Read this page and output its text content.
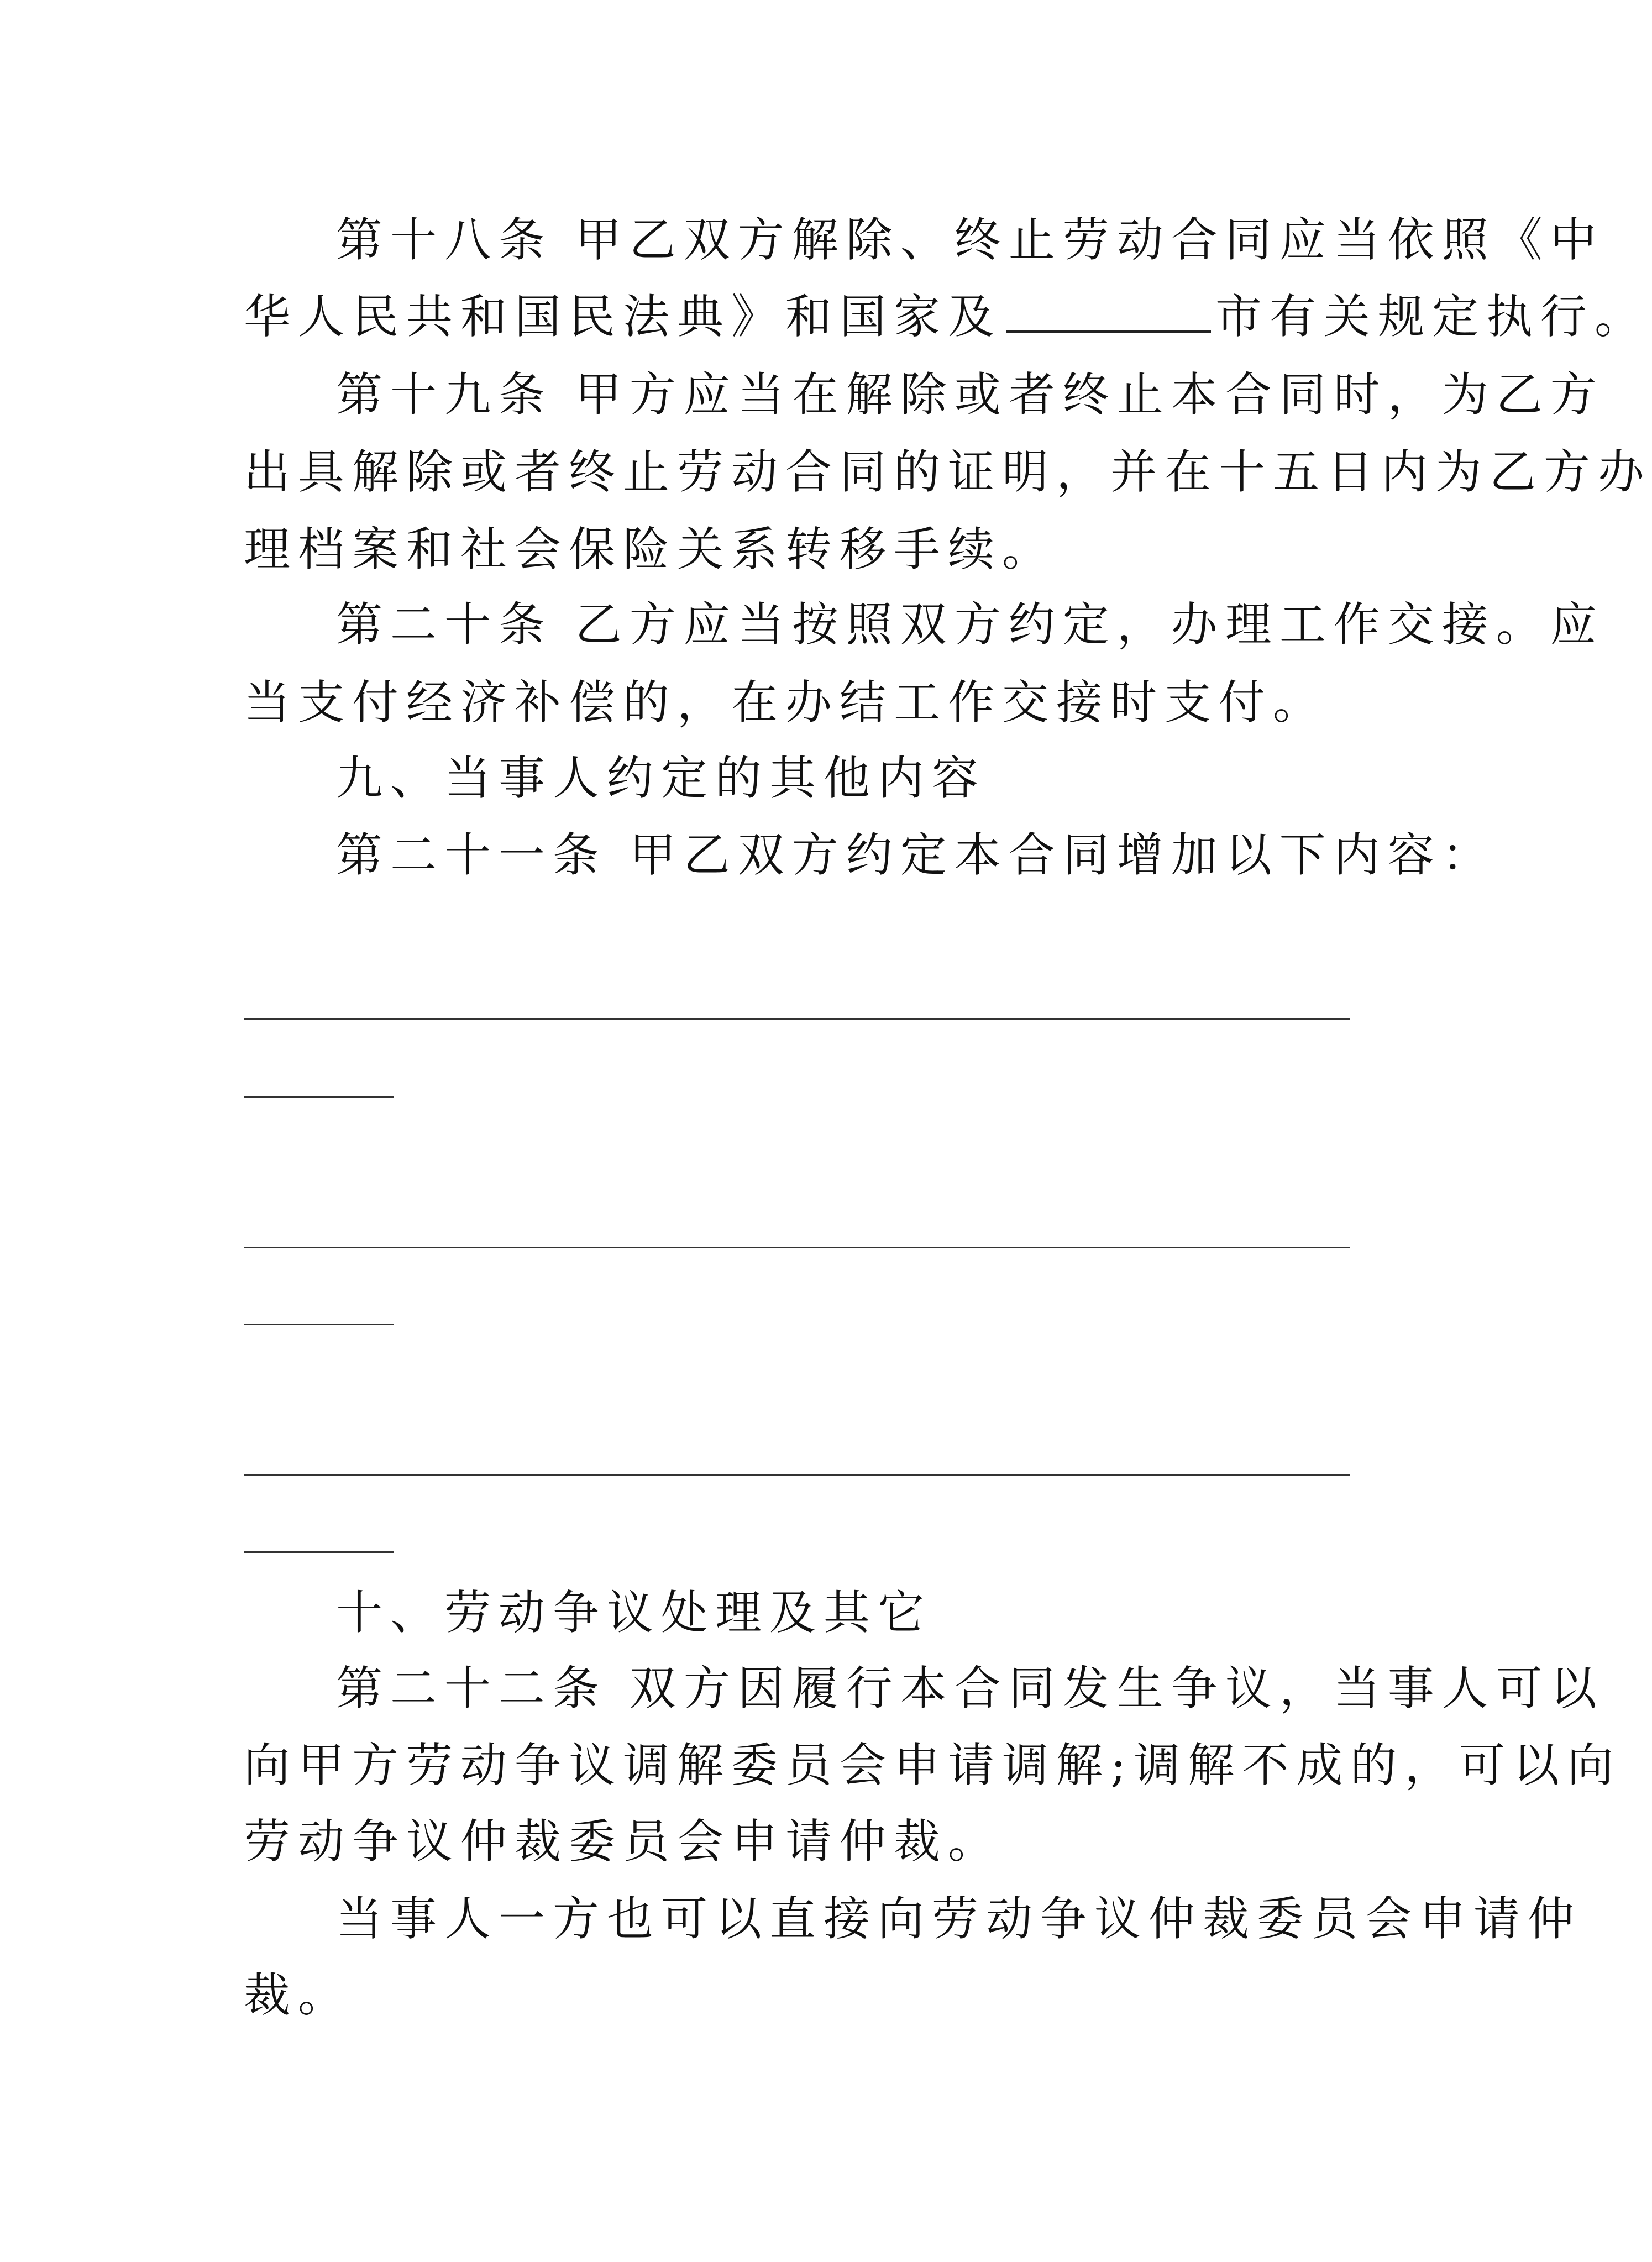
第十八条 甲乙双方解除、终止劳动合同应当依照《中
华人民共和国民法典》和国家及	市有关规定执行。
第十九条 甲方应当在解除或者终止本合同时，为乙方
出具解除或者终止劳动合同的证明，并在十五日内为乙方办
理档案和社会保险关系转移手续。
第二十条 乙方应当按照双方约定，办理工作交接。应
当支付经济补偿的，在办结工作交接时支付。
九、当事人约定的其他内容
第二十一条 甲乙双方约定本合同增加以下内容：
十、劳动争议处理及其它
第二十二条 双方因履行本合同发生争议，当事人可以
向甲方劳动争议调解委员会申请调解;调解不成的，可以向
劳动争议仲裁委员会申请仲裁。
当事人一方也可以直接向劳动争议仲裁委员会申请仲
裁。
